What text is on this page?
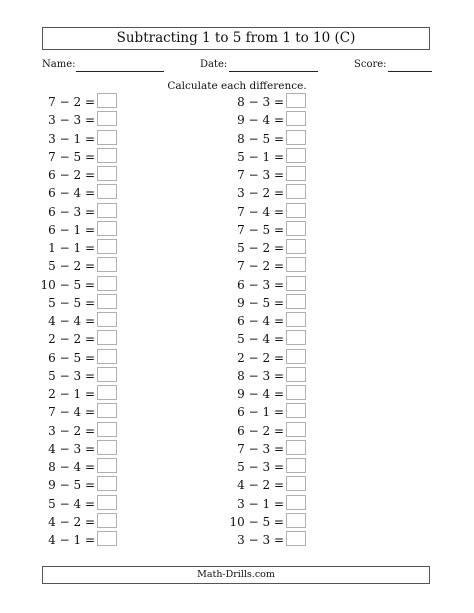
Subtracting 1 to 5 from 1 to 10 (C)
Name:	Date:	Score:
Calculate each difference.
7 − 2 =
3 − 3 =
3 − 1 =
7 − 5 =
6 − 2 =
6 − 4 =
6 − 3 =
6 − 1 =
1 − 1 =
5 − 2 =
10 − 5 =
5 − 5 =
4 − 4 =
2 − 2 =
6 − 5 =
5 − 3 =
2 − 1 =
7 − 4 =
3 − 2 =
4 − 3 =
8 − 4 =
9 − 5 =
5 − 4 =
4 − 2 =
4 − 1 =
8 − 3 =
9 − 4 =
8 − 5 =
5 − 1 =
7 − 3 =
3 − 2 =
7 − 4 =
7 − 5 =
5 − 2 =
7 − 2 =
6 − 3 =
9 − 5 =
6 − 4 =
5 − 4 =
2 − 2 =
8 − 3 =
9 − 4 =
6 − 1 =
6 − 2 =
7 − 3 =
5 − 3 =
4 − 2 =
3 − 1 =
10 − 5 =
3 − 3 =
Math-Drills.com
